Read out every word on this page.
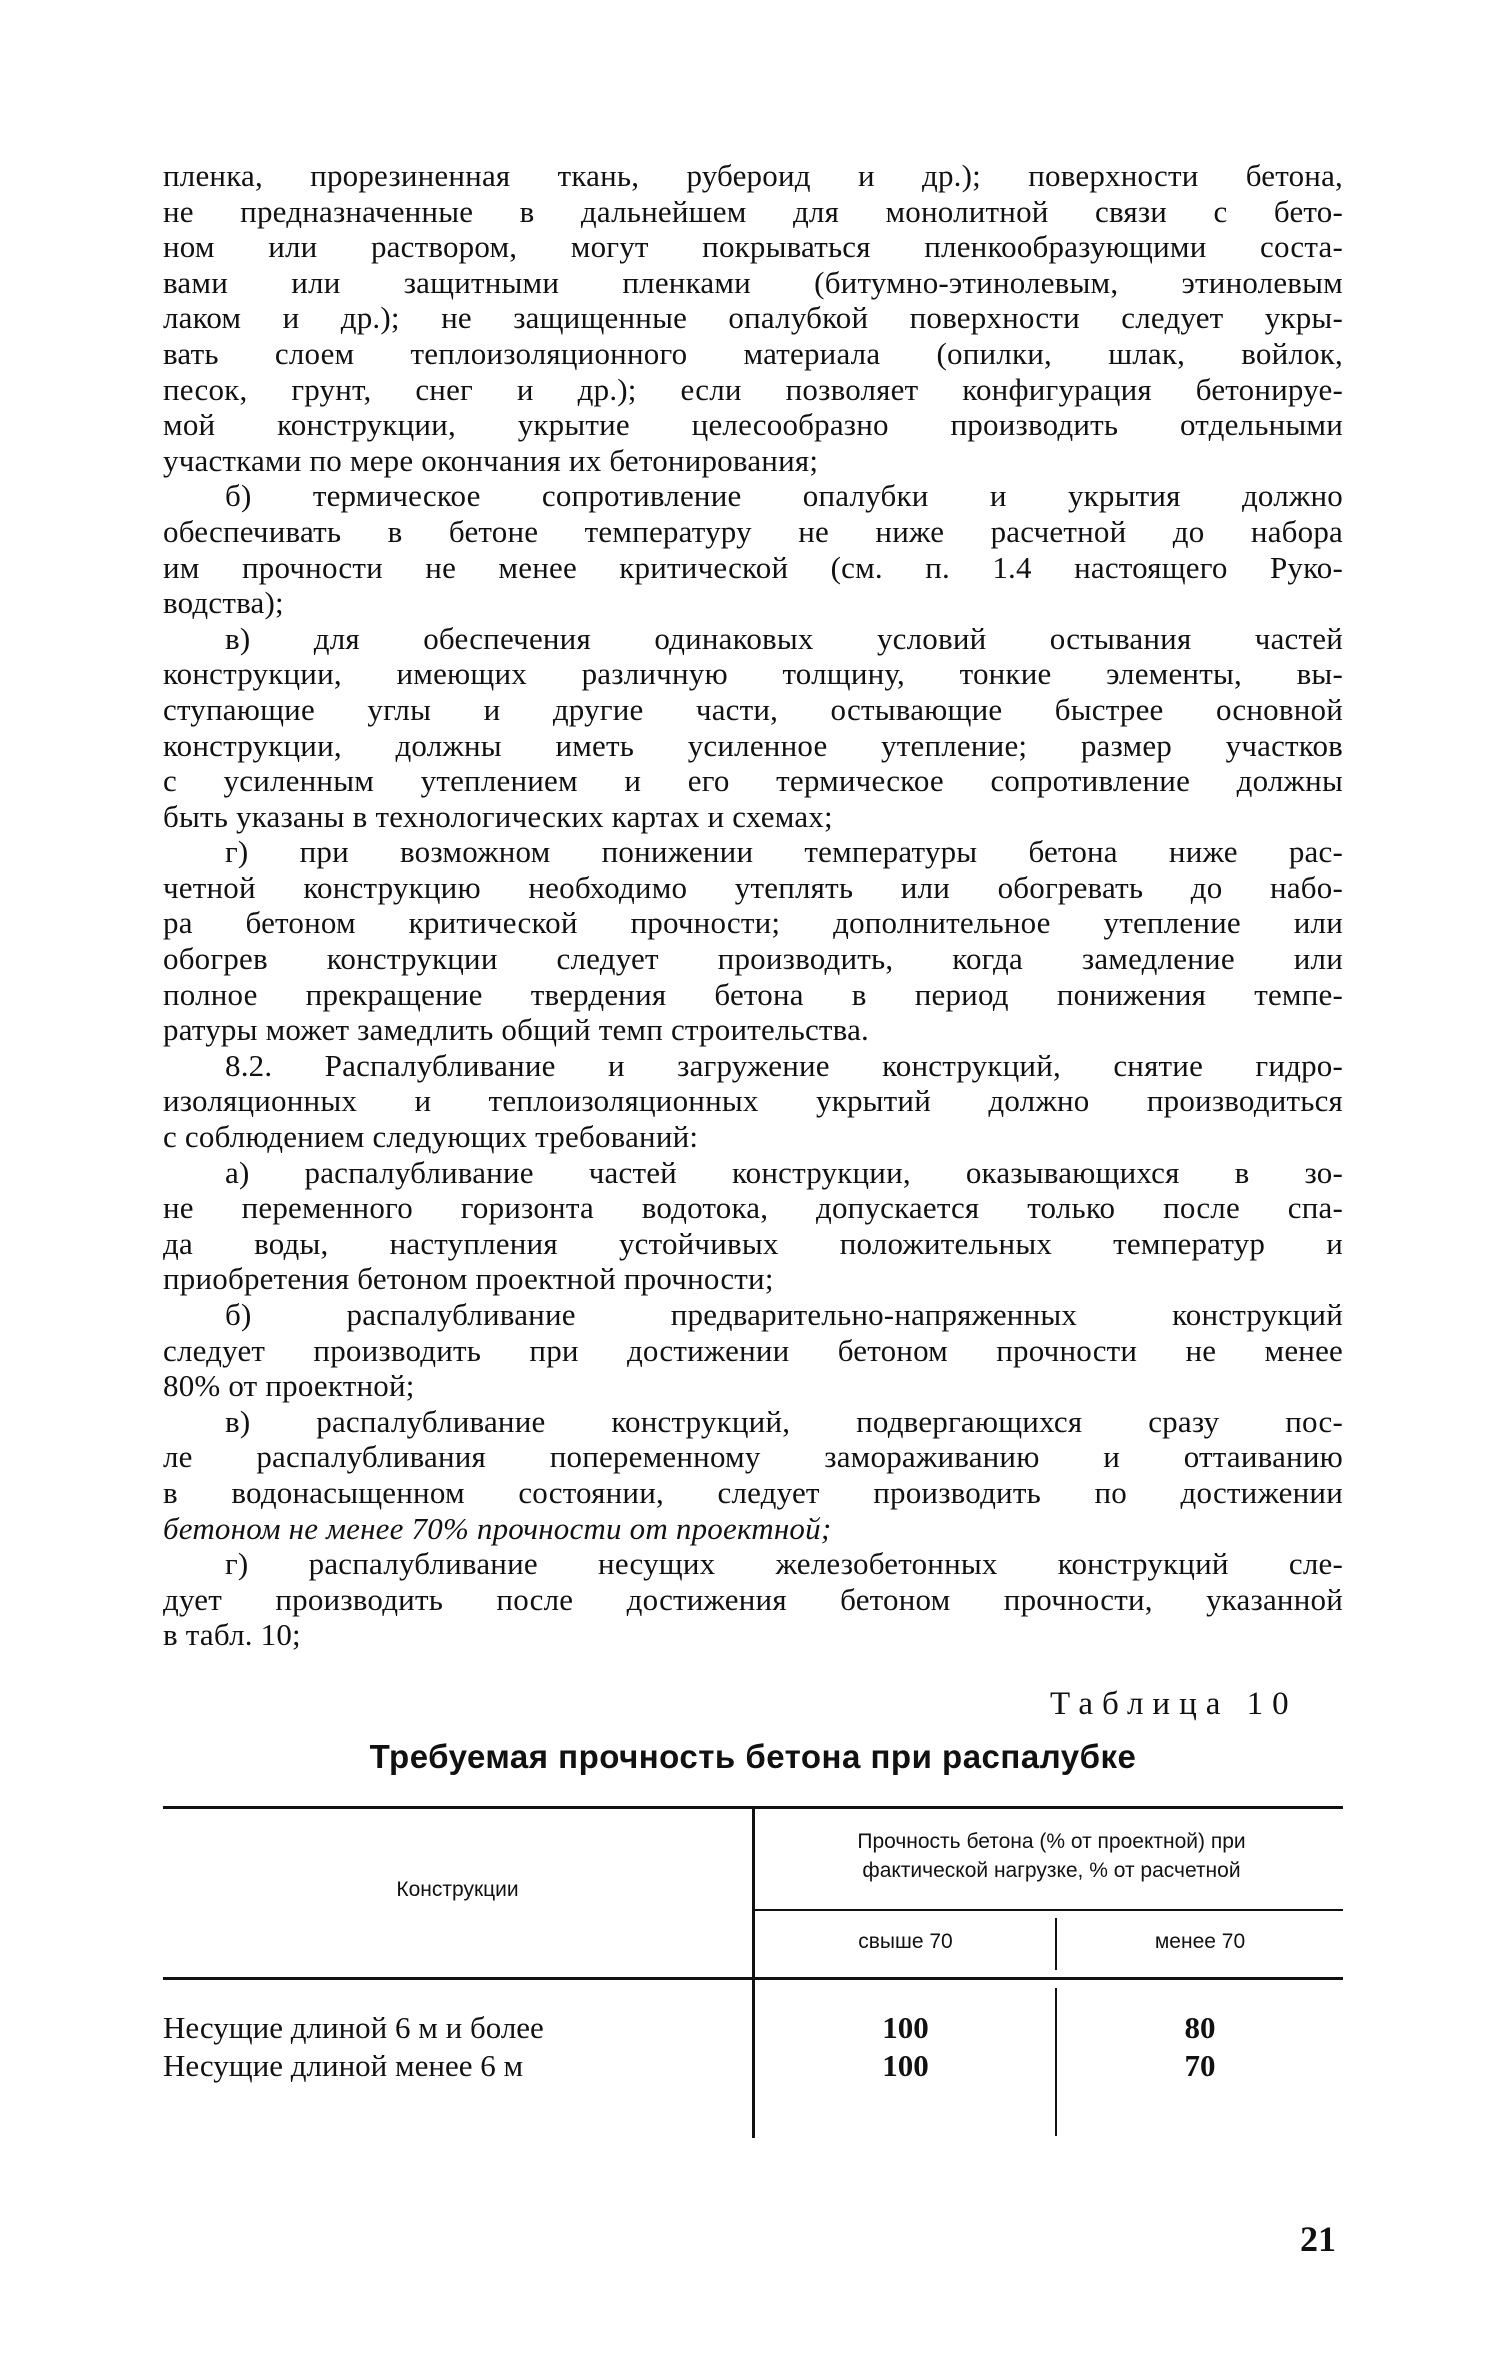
пленка, прорезиненная ткань, рубероид и др.); поверхности бетона,
не предназначенные в дальнейшем для монолитной связи с бето-
ном или раствором, могут покрываться пленкообразующими соста-
вами или защитными пленками (битумно-этинолевым, этинолевым
лаком и др.); не защищенные опалубкой поверхности следует укры-
вать слоем теплоизоляционного материала (опилки, шлак, войлок,
песок, грунт, снег и др.); если позволяет конфигурация бетонируе-
мой конструкции, укрытие целесообразно производить отдельными
участками по мере окончания их бетонирования;
б) термическое сопротивление опалубки и укрытия должно
обеспечивать в бетоне температуру не ниже расчетной до набора
им прочности не менее критической (см. п. 1.4 настоящего Руко-
водства);
в) для обеспечения одинаковых условий остывания частей
конструкции, имеющих различную толщину, тонкие элементы, вы-
ступающие углы и другие части, остывающие быстрее основной
конструкции, должны иметь усиленное утепление; размер участков
с усиленным утеплением и его термическое сопротивление должны
быть указаны в технологических картах и схемах;
г) при возможном понижении температуры бетона ниже рас-
четной конструкцию необходимо утеплять или обогревать до набо-
ра бетоном критической прочности; дополнительное утепление или
обогрев конструкции следует производить, когда замедление или
полное прекращение твердения бетона в период понижения темпе-
ратуры может замедлить общий темп строительства.
8.2. Распалубливание и загружение конструкций, снятие гидро-
изоляционных и теплоизоляционных укрытий должно производиться
с соблюдением следующих требований:
а) распалубливание частей конструкции, оказывающихся в зо-
не переменного горизонта водотока, допускается только после спа-
да воды, наступления устойчивых положительных температур и
приобретения бетоном проектной прочности;
б) распалубливание предварительно-напряженных конструкций
следует производить при достижении бетоном прочности не менее
80% от проектной;
в) распалубливание конструкций, подвергающихся сразу пос-
ле распалубливания попеременному замораживанию и оттаиванию
в водонасыщенном состоянии, следует производить по достижении
бетоном не менее 70% прочности от проектной;
г) распалубливание несущих железобетонных конструкций сле-
дует производить после достижения бетоном прочности, указанной
в табл. 10;
Таблица 10
Требуемая прочность бетона при распалубке
Конструкции
Прочность бетона (% от проектной) при
фактической нагрузке, % от расчетной
свыше 70	менее 70
Несущие длиной 6 м и более	100	80
Несущие длиной менее 6 м	100	70
21
